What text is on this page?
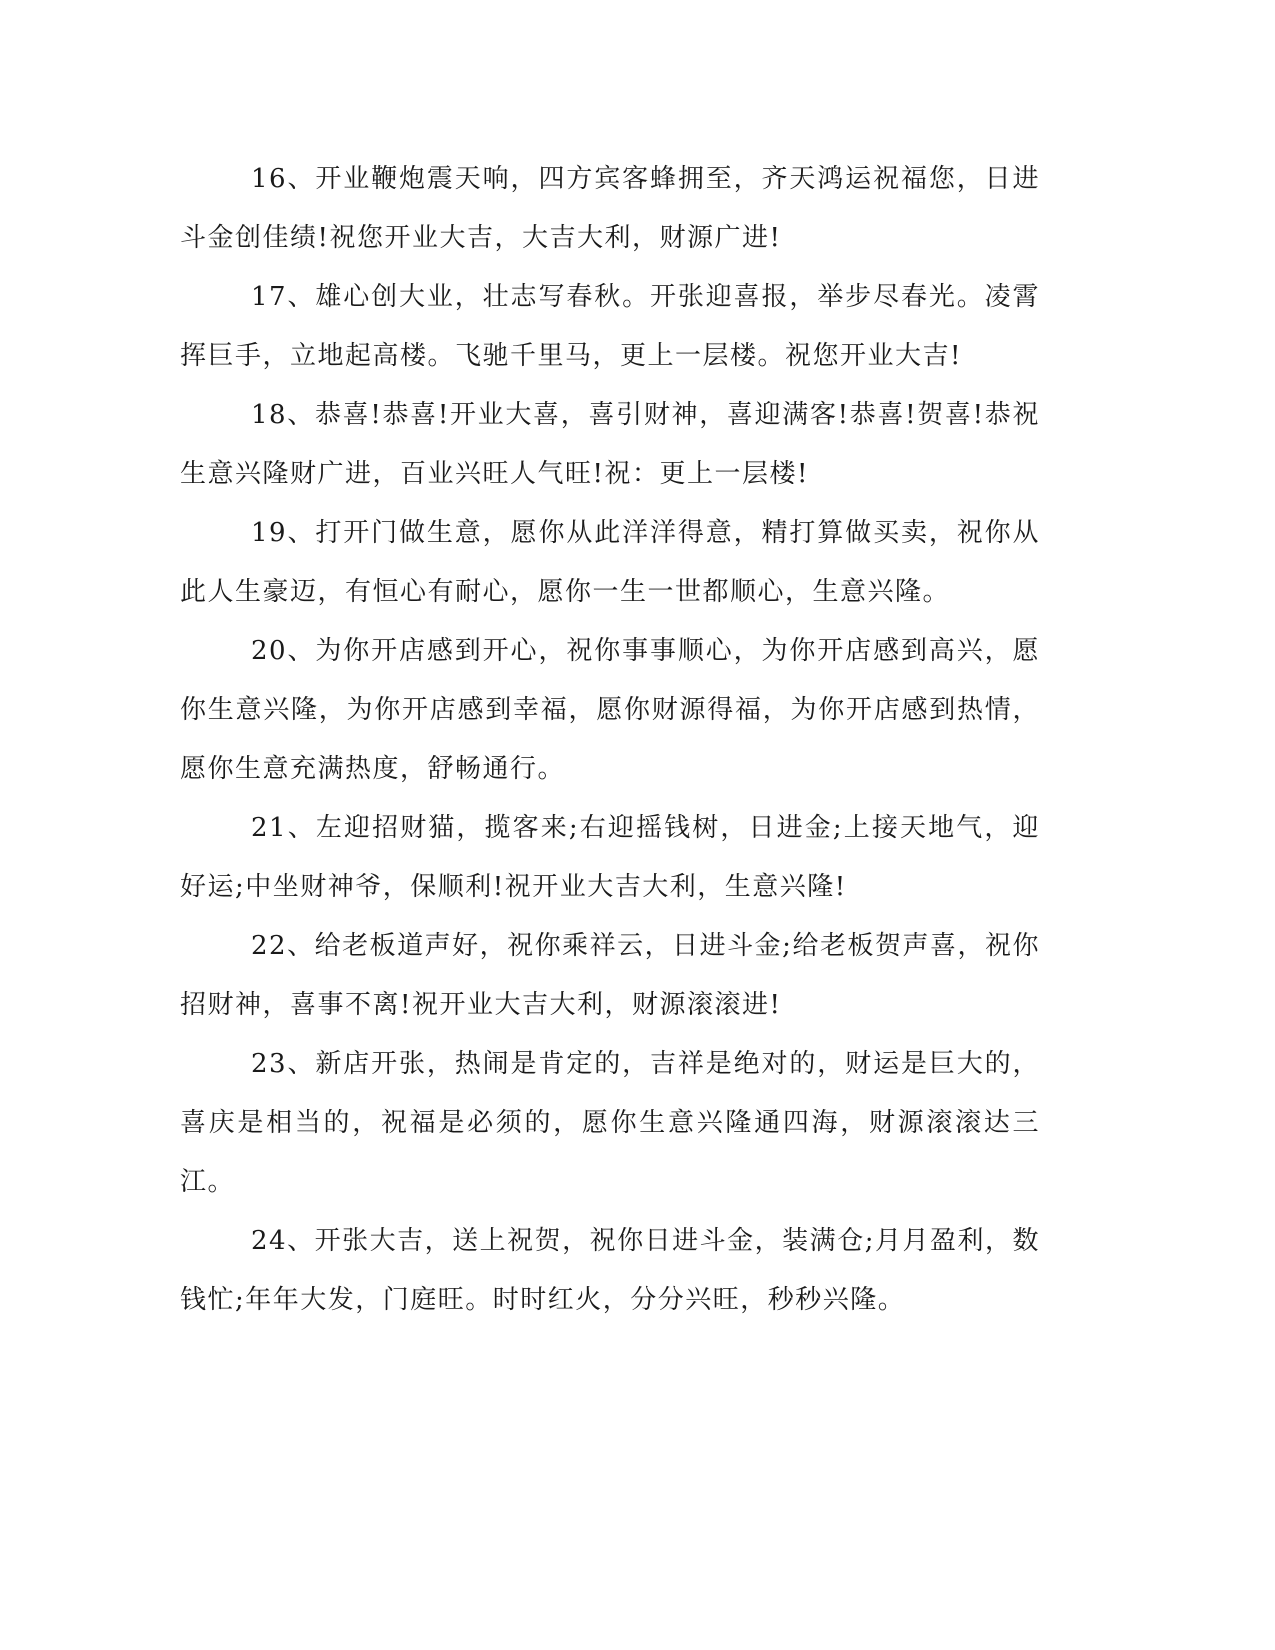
16、开业鞭炮震天响，四方宾客蜂拥至，齐天鸿运祝福您，日进斗金创佳绩!祝您开业大吉，大吉大利，财源广进!

17、雄心创大业，壮志写春秋。开张迎喜报，举步尽春光。凌霄挥巨手，立地起高楼。飞驰千里马，更上一层楼。祝您开业大吉!

18、恭喜!恭喜!开业大喜，喜引财神，喜迎满客!恭喜!贺喜!恭祝生意兴隆财广进，百业兴旺人气旺!祝：更上一层楼!

19、打开门做生意，愿你从此洋洋得意，精打算做买卖，祝你从此人生豪迈，有恒心有耐心，愿你一生一世都顺心，生意兴隆。

20、为你开店感到开心，祝你事事顺心，为你开店感到高兴，愿你生意兴隆，为你开店感到幸福，愿你财源得福，为你开店感到热情，愿你生意充满热度，舒畅通行。

21、左迎招财猫，揽客来;右迎摇钱树，日进金;上接天地气，迎好运;中坐财神爷，保顺利!祝开业大吉大利，生意兴隆!

22、给老板道声好，祝你乘祥云，日进斗金;给老板贺声喜，祝你招财神，喜事不离!祝开业大吉大利，财源滚滚进!

23、新店开张，热闹是肯定的，吉祥是绝对的，财运是巨大的，喜庆是相当的，祝福是必须的，愿你生意兴隆通四海，财源滚滚达三江。

24、开张大吉，送上祝贺，祝你日进斗金，装满仓;月月盈利，数钱忙;年年大发，门庭旺。时时红火，分分兴旺，秒秒兴隆。
